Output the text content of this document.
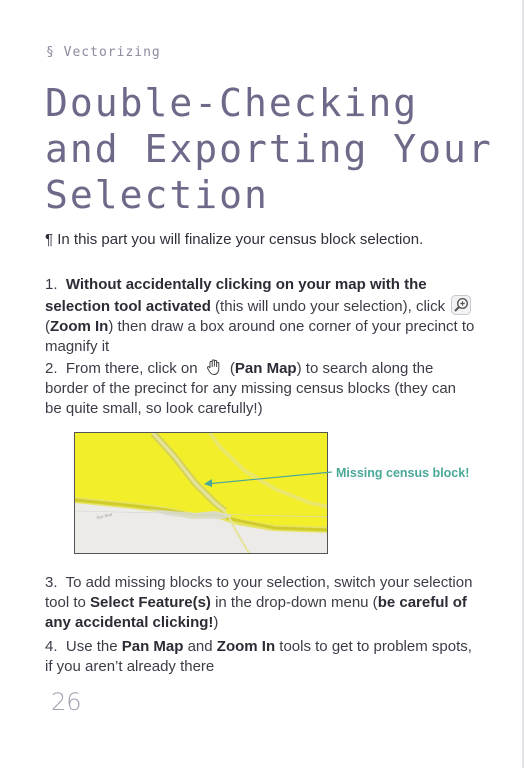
§ Vectorizing
Double-Checking
and Exporting Your
Selection
¶ In this part you will finalize your census block selection.
1. Without accidentally clicking on your map with the selection tool activated (this will undo your selection), click  (Zoom In) then draw a box around one corner of your precinct to magnify it
2. From there, click on  (Pan Map) to search along the border of the precinct for any missing census blocks (they can be quite small, so look carefully!)
Eps Blvd
Missing census block!
3. To add missing blocks to your selection, switch your selection tool to Select Feature(s) in the drop-down menu (be careful of any accidental clicking!)
4. Use the Pan Map and Zoom In tools to get to problem spots, if you aren’t already there
26
